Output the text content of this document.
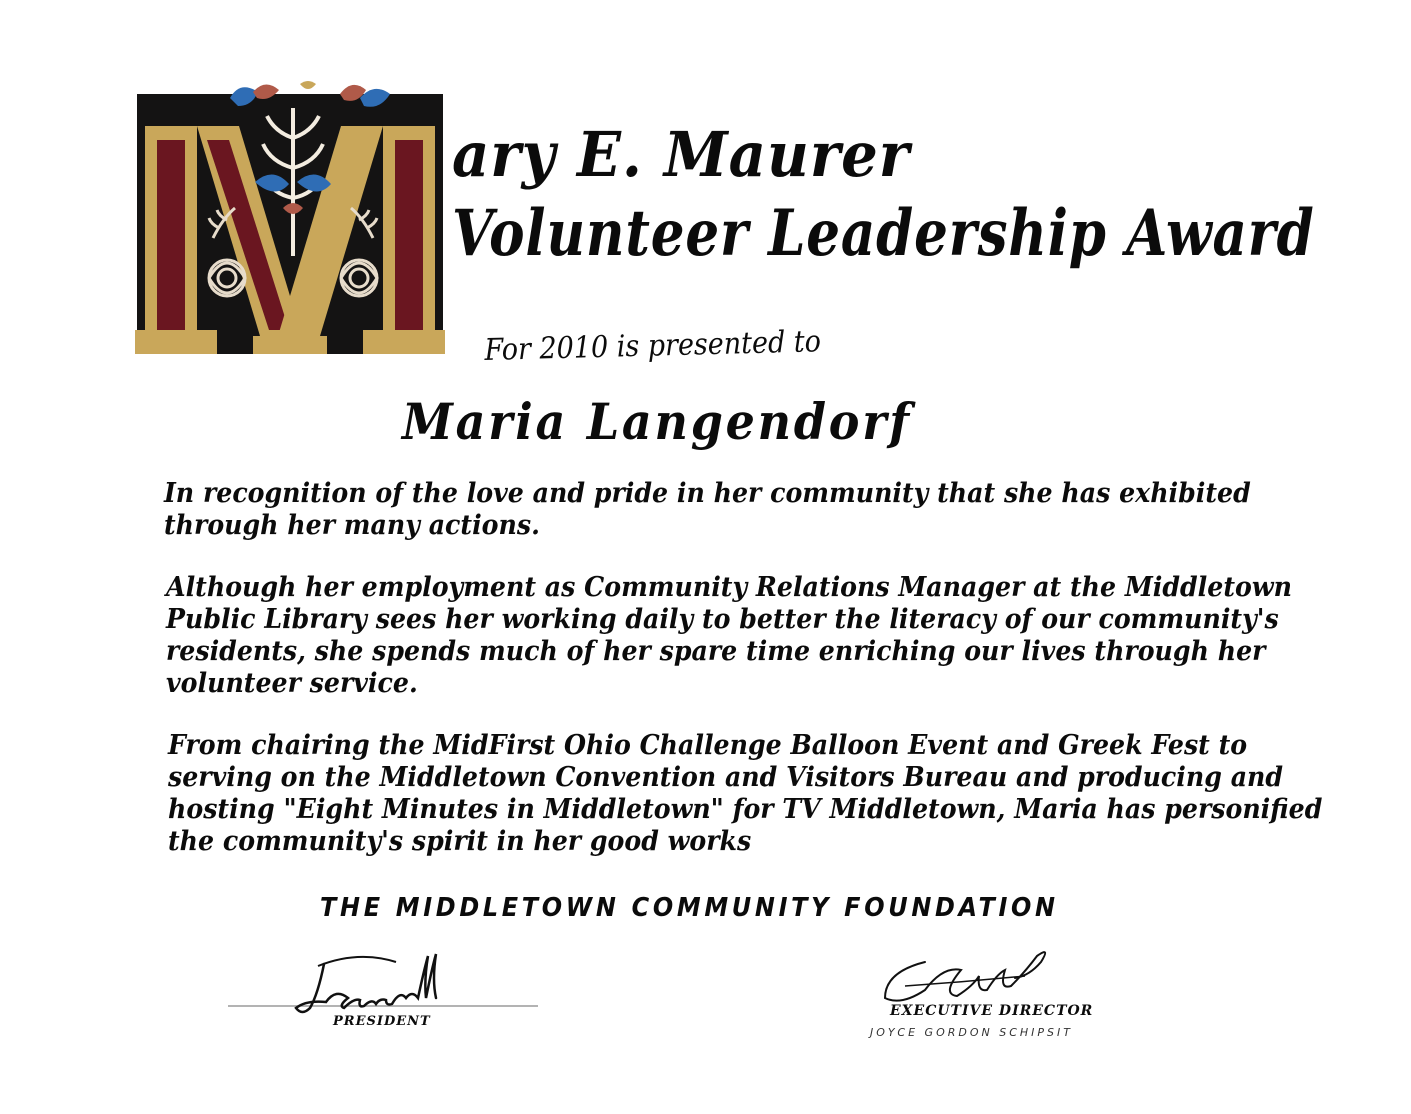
ary E. Maurer
Volunteer Leadership Award
For 2010 is presented to
Maria Langendorf
In recognition of the love and pride in her community that she has exhibited
through her many actions.
Although her employment as Community Relations Manager at the Middletown
Public Library sees her working daily to better the literacy of our community's
residents, she spends much of her spare time enriching our lives through her
volunteer service.
From chairing the MidFirst Ohio Challenge Balloon Event and Greek Fest to
serving on the Middletown Convention and Visitors Bureau and producing and
hosting "Eight Minutes in Middletown" for TV Middletown, Maria has personified
the community's spirit in her good works
THE MIDDLETOWN COMMUNITY FOUNDATION
PRESIDENT
EXECUTIVE DIRECTOR
JOYCE GORDON SCHIPSIT
